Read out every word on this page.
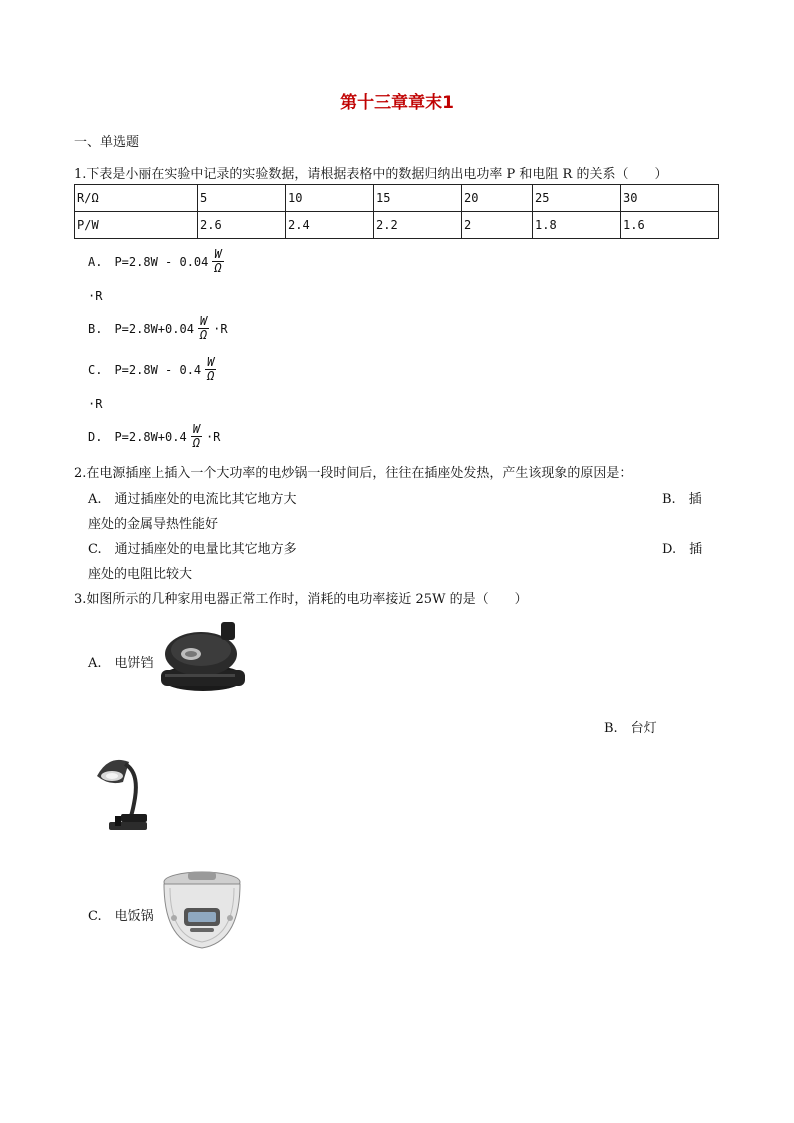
第十三章章末1
一、单选题
1.下表是小丽在实验中记录的实验数据，请根据表格中的数据归纳出电功率 P 和电阻 R 的关系（　　）
R/Ω	5	10	15	20	25	30
P/W	2.6	2.4	2.2	2	1.8	1.6
A.　$P=2.8W - 0.04 \frac{W}{\Omega}$
·R
B.　$P=2.8W+0.04 \frac{W}{\Omega} \cdot R$
C.　$P=2.8W - 0.4 \frac{W}{\Omega}$
·R
D.　$P=2.8W+0.4 \frac{W}{\Omega} \cdot R$
2.在电源插座上插入一个大功率的电炒锅一段时间后，往往在插座处发热，产生该现象的原因是：
A.　通过插座处的电流比其它地方大	B.　插
座处的金属导热性能好
C.　通过插座处的电量比其它地方多	D.　插
座处的电阻比较大
3.如图所示的几种家用电器正常工作时，消耗的电功率接近 25W 的是（　　）
A.　电饼铛
B.　台灯
C.　电饭锅
